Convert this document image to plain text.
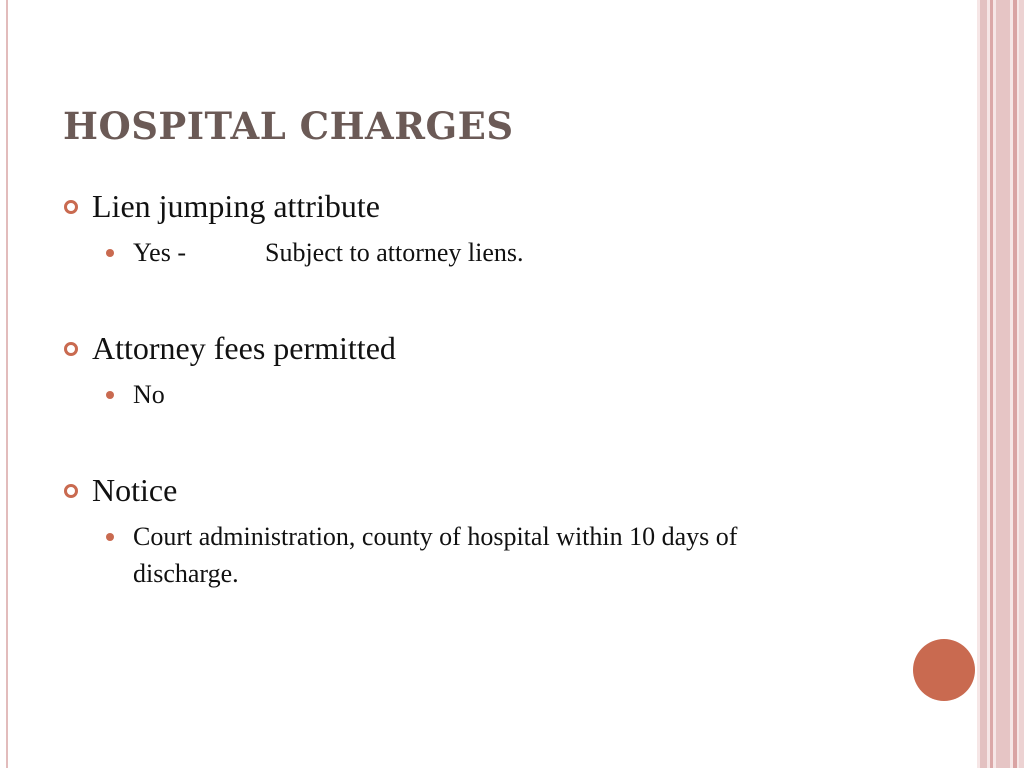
HOSPITAL CHARGES
Lien jumping attribute
Yes -	Subject to attorney liens.
Attorney fees permitted
No
Notice
Court administration, county of hospital within 10 days of discharge.
